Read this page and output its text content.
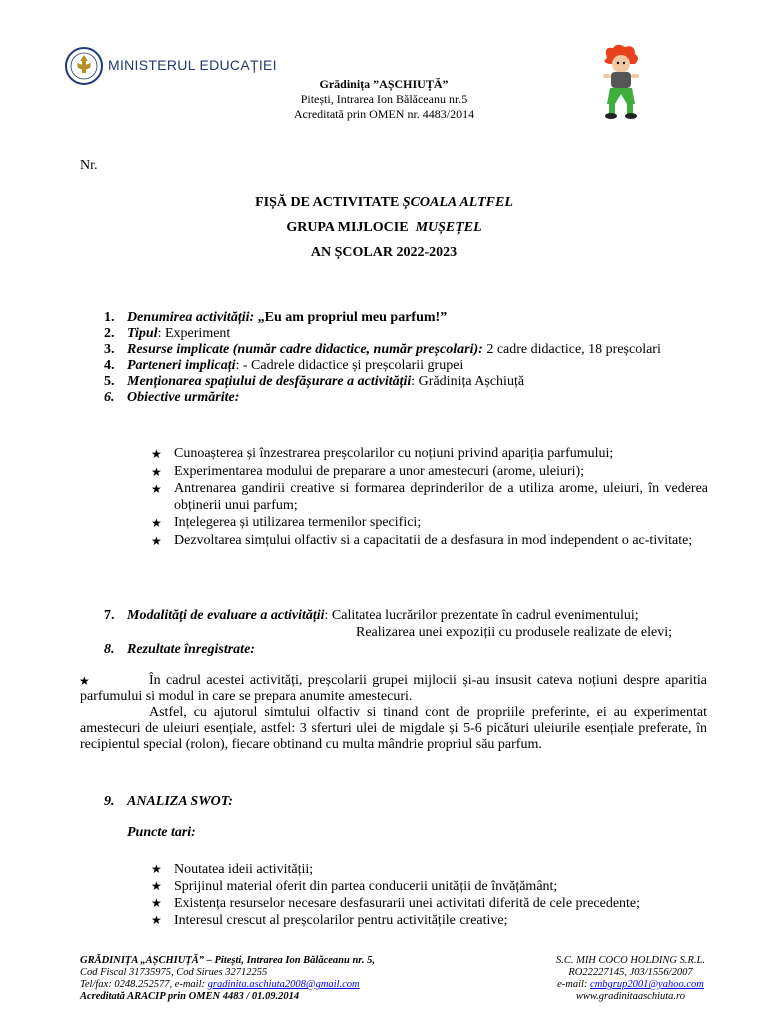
MINISTERUL EDUCAȚIEI
Grădinița ”AȘCHIUȚĂ”
Pitești, Intrarea Ion Bălăceanu nr.5
Acreditată prin OMEN nr. 4483/2014
Nr.
FIȘĂ DE ACTIVITATE ȘCOALA ALTFEL
GRUPA MIJLOCIE  MUȘEȚEL
AN ȘCOLAR 2022-2023
1. Denumirea activității: „Eu am propriul meu parfum!”
2. Tipul: Experiment
3. Resurse implicate (număr cadre didactice, număr preșcolari): 2 cadre didactice, 18 preșcolari
4. Parteneri implicați: - Cadrele didactice și preșcolarii grupei
5. Menționarea spațiului de desfășurare a activității: Grădinița Așchiuță
6. Obiective urmărite:
★ Cunoașterea și înzestrarea preșcolarilor cu noțiuni privind apariția parfumului;
★ Experimentarea modului de preparare a unor amestecuri (arome, uleiuri);
★ Antrenarea gandirii creative si formarea deprinderilor de a utiliza arome, uleiuri, în vederea obținerii unui parfum;
★ Ințelegerea și utilizarea termenilor specifici;
★ Dezvoltarea simțului olfactiv si a capacitatii de a desfasura in mod independent o ac-tivitate;
7. Modalități de evaluare a activității: Calitatea lucrărilor prezentate în cadrul evenimentului;
Realizarea unei expoziții cu produsele realizate de elevi;
8. Rezultate înregistrate:
★	În cadrul acestei activități, preșcolarii grupei mijlocii și-au insusit cateva noțiuni despre aparitia parfumului si modul in care se prepara anumite amestecuri.
Astfel, cu ajutorul simtului olfactiv si tinand cont de propriile preferinte, ei au experimentat amestecuri de uleiuri esențiale, astfel: 3 sferturi ulei de migdale și 5-6 picături uleiurile esențiale preferate, în recipientul special (rolon), fiecare obtinand cu multa mândrie propriul său parfum.
9. ANALIZA SWOT:
Puncte tari:
★ Noutatea ideii activității;
★ Sprijinul material oferit din partea conducerii unității de învățământ;
★ Existența resurselor necesare desfasurarii unei activitati diferită de cele precedente;
★ Interesul crescut al preșcolarilor pentru activitățile creative;
GRĂDINIȚA „AȘCHIUȚĂ” – Pitești, Intrarea Ion Bălăceanu nr. 5,
Cod Fiscal 31735975, Cod Sirues 32712255
Tel/fax: 0248.252577, e-mail: gradinita.aschiuta2008@gmail.com
Acreditată ARACIP prin OMEN 4483 / 01.09.2014
S.C. MIH COCO HOLDING S.R.L.
RO22227145, J03/1556/2007
e-mail: cmbgrup2001@yahoo.com
www.gradinitaaschiuta.ro
